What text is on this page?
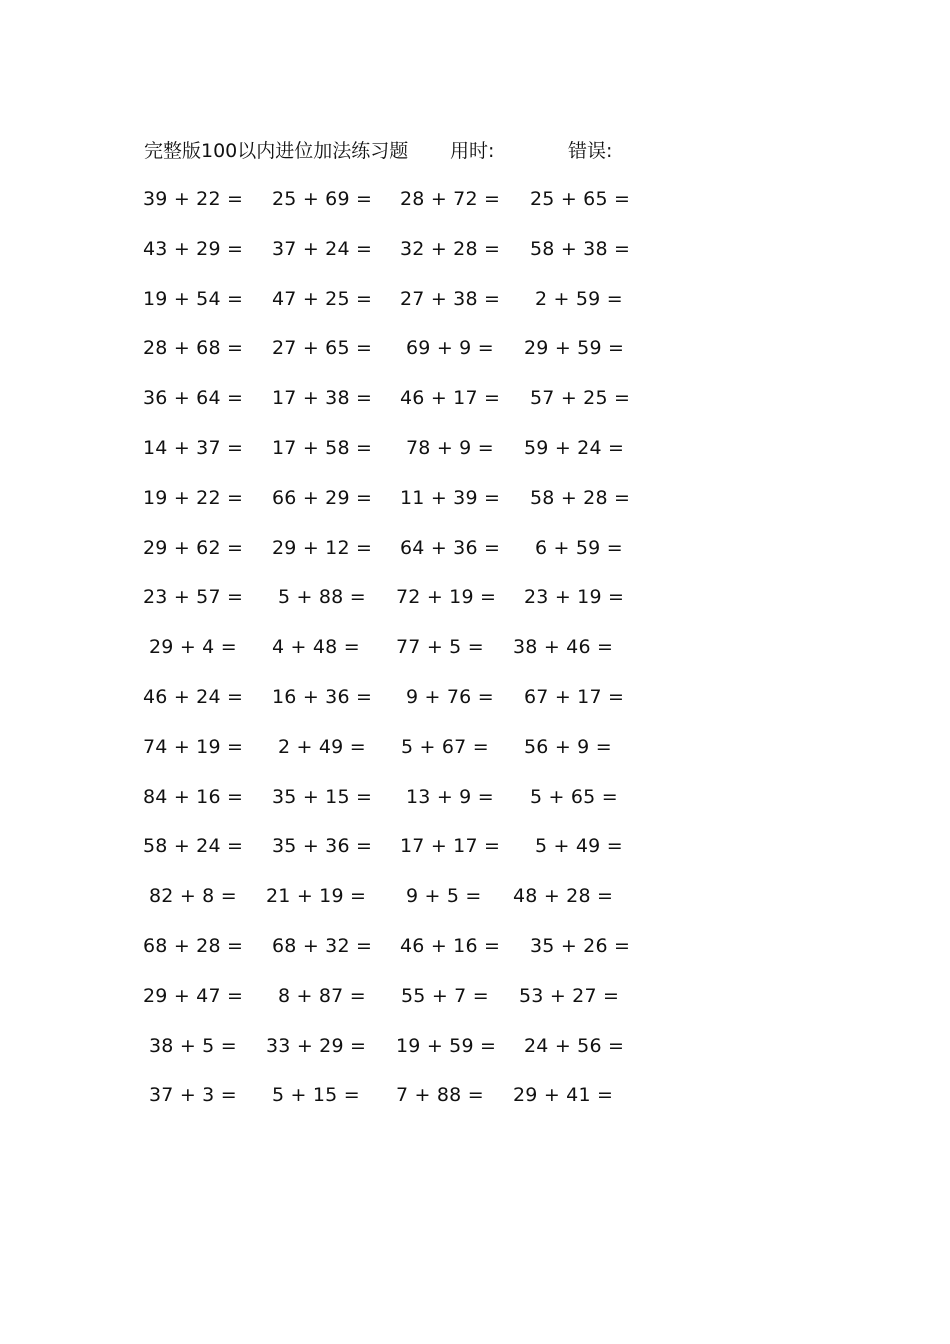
完整版100以内进位加法练习题 用时:	错误:
39 + 22 =	25 + 69 =	28 + 72 =	25 + 65 =
43 + 29 =	37 + 24 =	32 + 28 =	58 + 38 =
19 + 54 =	47 + 25 =	27 + 38 =	2 + 59 =
28 + 68 =	27 + 65 =	69 + 9 =	29 + 59 =
36 + 64 =	17 + 38 =	46 + 17 =	57 + 25 =
14 + 37 =	17 + 58 =	78 + 9 =	59 + 24 =
19 + 22 =	66 + 29 =	11 + 39 =	58 + 28 =
29 + 62 =	29 + 12 =	64 + 36 =	6 + 59 =
23 + 57 =	5 + 88 =	72 + 19 =	23 + 19 =
29 + 4 =	4 + 48 =	77 + 5 =	38 + 46 =
46 + 24 =	16 + 36 =	9 + 76 =	67 + 17 =
74 + 19 =	2 + 49 =	5 + 67 =	56 + 9 =
84 + 16 =	35 + 15 =	13 + 9 =	5 + 65 =
58 + 24 =	35 + 36 =	17 + 17 =	5 + 49 =
82 + 8 =	21 + 19 =	9 + 5 =	48 + 28 =
68 + 28 =	68 + 32 =	46 + 16 =	35 + 26 =
29 + 47 =	8 + 87 =	55 + 7 =	53 + 27 =
38 + 5 =	33 + 29 =	19 + 59 =	24 + 56 =
37 + 3 =	5 + 15 =	7 + 88 =	29 + 41 =
